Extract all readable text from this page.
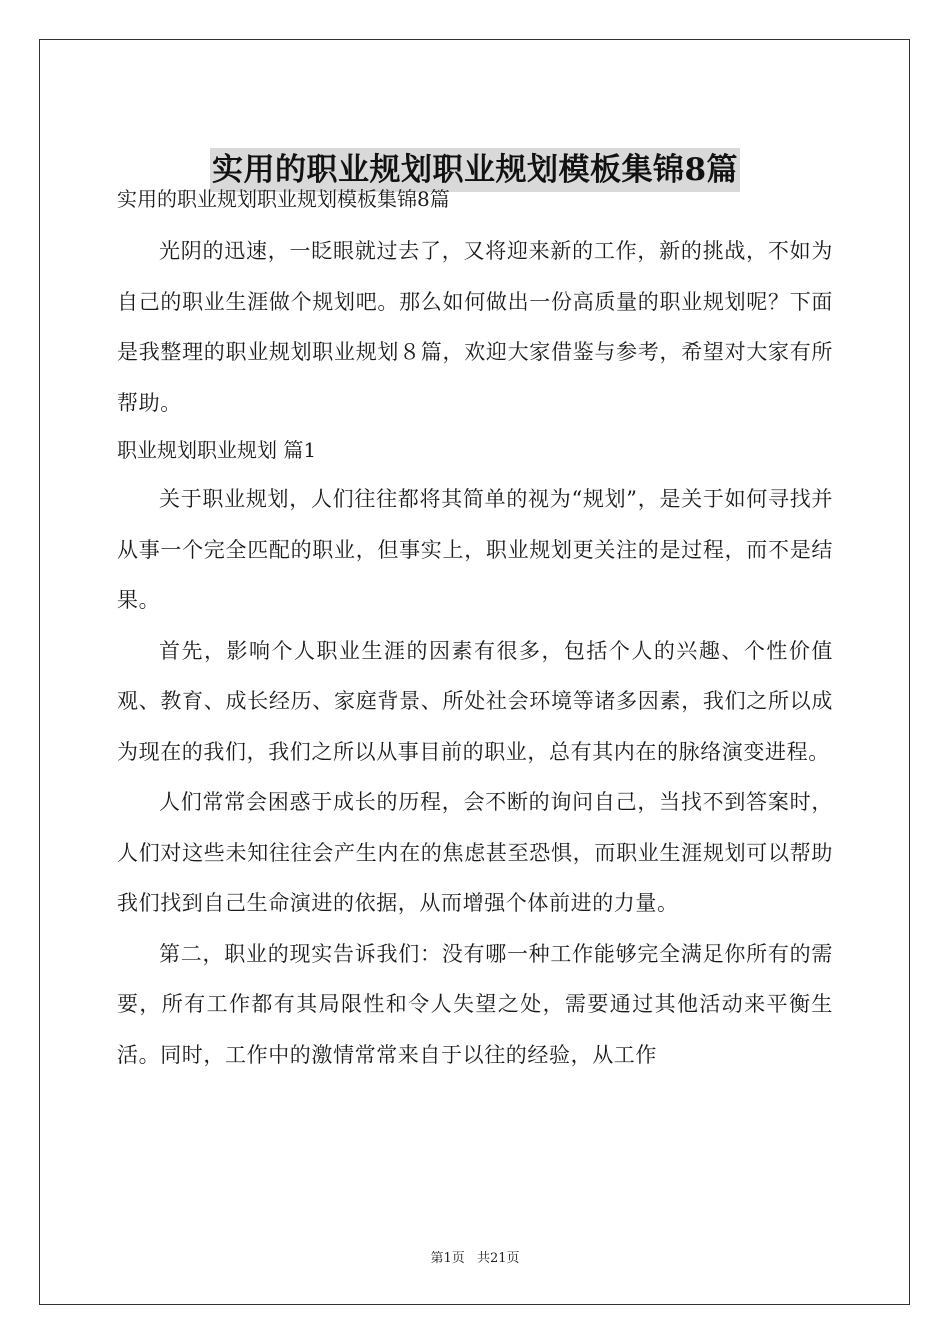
实用的职业规划职业规划模板集锦8篇

实用的职业规划职业规划模板集锦8篇

光阴的迅速，一眨眼就过去了，又将迎来新的工作，新的挑战，不如为自己的职业生涯做个规划吧。那么如何做出一份高质量的职业规划呢？下面是我整理的职业规划职业规划８篇，欢迎大家借鉴与参考，希望对大家有所帮助。

职业规划职业规划 篇1

关于职业规划，人们往往都将其简单的视为“规划”，是关于如何寻找并从事一个完全匹配的职业，但事实上，职业规划更关注的是过程，而不是结果。

首先，影响个人职业生涯的因素有很多，包括个人的兴趣、个性价值观、教育、成长经历、家庭背景、所处社会环境等诸多因素，我们之所以成为现在的我们，我们之所以从事目前的职业，总有其内在的脉络演变进程。

人们常常会困惑于成长的历程，会不断的询问自己，当找不到答案时，人们对这些未知往往会产生内在的焦虑甚至恐惧，而职业生涯规划可以帮助我们找到自己生命演进的依据，从而增强个体前进的力量。

第二，职业的现实告诉我们：没有哪一种工作能够完全满足你所有的需要，所有工作都有其局限性和令人失望之处，需要通过其他活动来平衡生活。同时，工作中的激情常常来自于以往的经验，从工作

第1页 共21页
